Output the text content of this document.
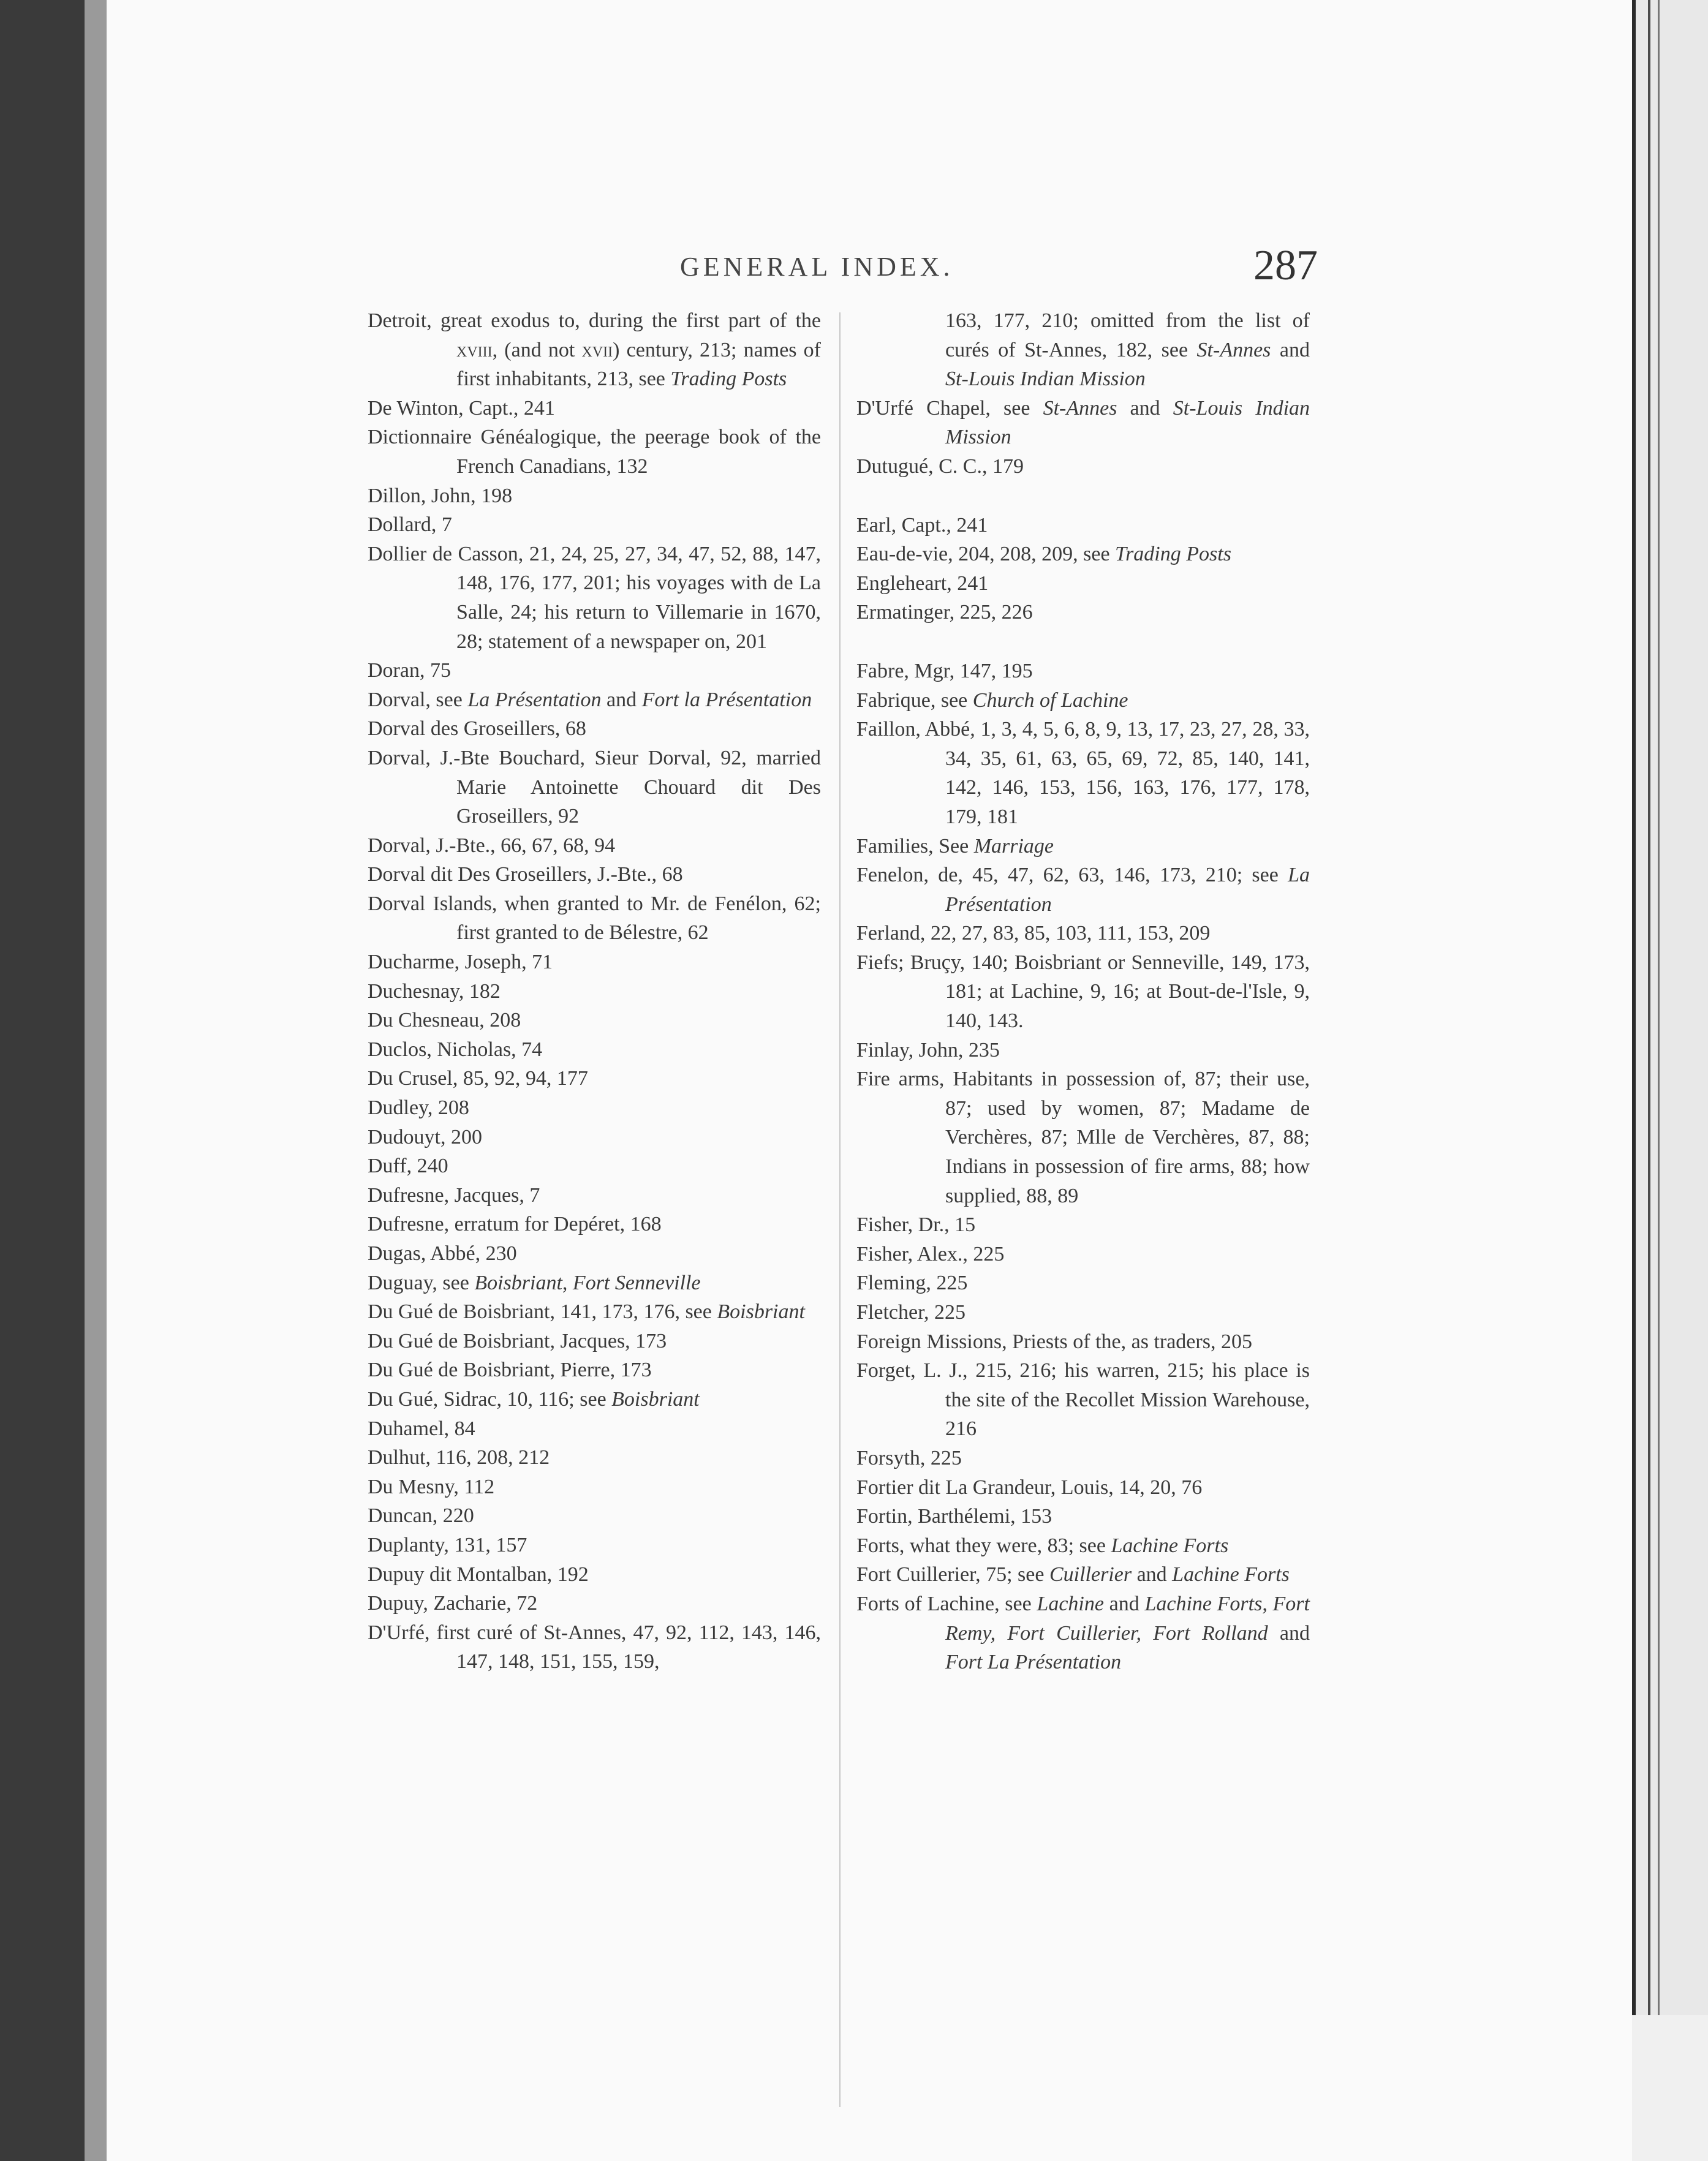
GENERAL INDEX.	287
Detroit, great exodus to, during the first part of the xviii, (and not xvii) century, 213; names of first inhabitants, 213, see Trading Posts
De Winton, Capt., 241
Dictionnaire Généalogique, the peerage book of the French Canadians, 132
Dillon, John, 198
Dollard, 7
Dollier de Casson, 21, 24, 25, 27, 34, 47, 52, 88, 147, 148, 176, 177, 201; his voyages with de La Salle, 24; his return to Villemarie in 1670, 28; statement of a newspaper on, 201
Doran, 75
Dorval, see La Présentation and Fort la Présentation
Dorval des Groseillers, 68
Dorval, J.-Bte Bouchard, Sieur Dorval, 92, married Marie Antoinette Chouard dit Des Groseillers, 92
Dorval, J.-Bte., 66, 67, 68, 94
Dorval dit Des Groseillers, J.-Bte., 68
Dorval Islands, when granted to Mr. de Fenélon, 62; first granted to de Bélestre, 62
Ducharme, Joseph, 71
Duchesnay, 182
Du Chesneau, 208
Duclos, Nicholas, 74
Du Crusel, 85, 92, 94, 177
Dudley, 208
Dudouyt, 200
Duff, 240
Dufresne, Jacques, 7
Dufresne, erratum for Depéret, 168
Dugas, Abbé, 230
Duguay, see Boisbriant, Fort Senneville
Du Gué de Boisbriant, 141, 173, 176, see Boisbriant
Du Gué de Boisbriant, Jacques, 173
Du Gué de Boisbriant, Pierre, 173
Du Gué, Sidrac, 10, 116; see Boisbriant
Duhamel, 84
Dulhut, 116, 208, 212
Du Mesny, 112
Duncan, 220
Duplanty, 131, 157
Dupuy dit Montalban, 192
Dupuy, Zacharie, 72
D'Urfé, first curé of St-Annes, 47, 92, 112, 143, 146, 147, 148, 151, 155, 159,
163, 177, 210; omitted from the list of curés of St-Annes, 182, see St-Annes and St-Louis Indian Mission
D'Urfé Chapel, see St-Annes and St-Louis Indian Mission
Dutugué, C. C., 179
Earl, Capt., 241
Eau-de-vie, 204, 208, 209, see Trading Posts
Engleheart, 241
Ermatinger, 225, 226
Fabre, Mgr, 147, 195
Fabrique, see Church of Lachine
Faillon, Abbé, 1, 3, 4, 5, 6, 8, 9, 13, 17, 23, 27, 28, 33, 34, 35, 61, 63, 65, 69, 72, 85, 140, 141, 142, 146, 153, 156, 163, 176, 177, 178, 179, 181
Families, See Marriage
Fenelon, de, 45, 47, 62, 63, 146, 173, 210; see La Présentation
Ferland, 22, 27, 83, 85, 103, 111, 153, 209
Fiefs; Bruçy, 140; Boisbriant or Senneville, 149, 173, 181; at Lachine, 9, 16; at Bout-de-l'Isle, 9, 140, 143.
Finlay, John, 235
Fire arms, Habitants in possession of, 87; their use, 87; used by women, 87; Madame de Verchères, 87; Mlle de Verchères, 87, 88; Indians in possession of fire arms, 88; how supplied, 88, 89
Fisher, Dr., 15
Fisher, Alex., 225
Fleming, 225
Fletcher, 225
Foreign Missions, Priests of the, as traders, 205
Forget, L. J., 215, 216; his warren, 215; his place is the site of the Recollet Mission Warehouse, 216
Forsyth, 225
Fortier dit La Grandeur, Louis, 14, 20, 76
Fortin, Barthélemi, 153
Forts, what they were, 83; see Lachine Forts
Fort Cuillerier, 75; see Cuillerier and Lachine Forts
Forts of Lachine, see Lachine and Lachine Forts, Fort Remy, Fort Cuillerier, Fort Rolland and Fort La Présentation
